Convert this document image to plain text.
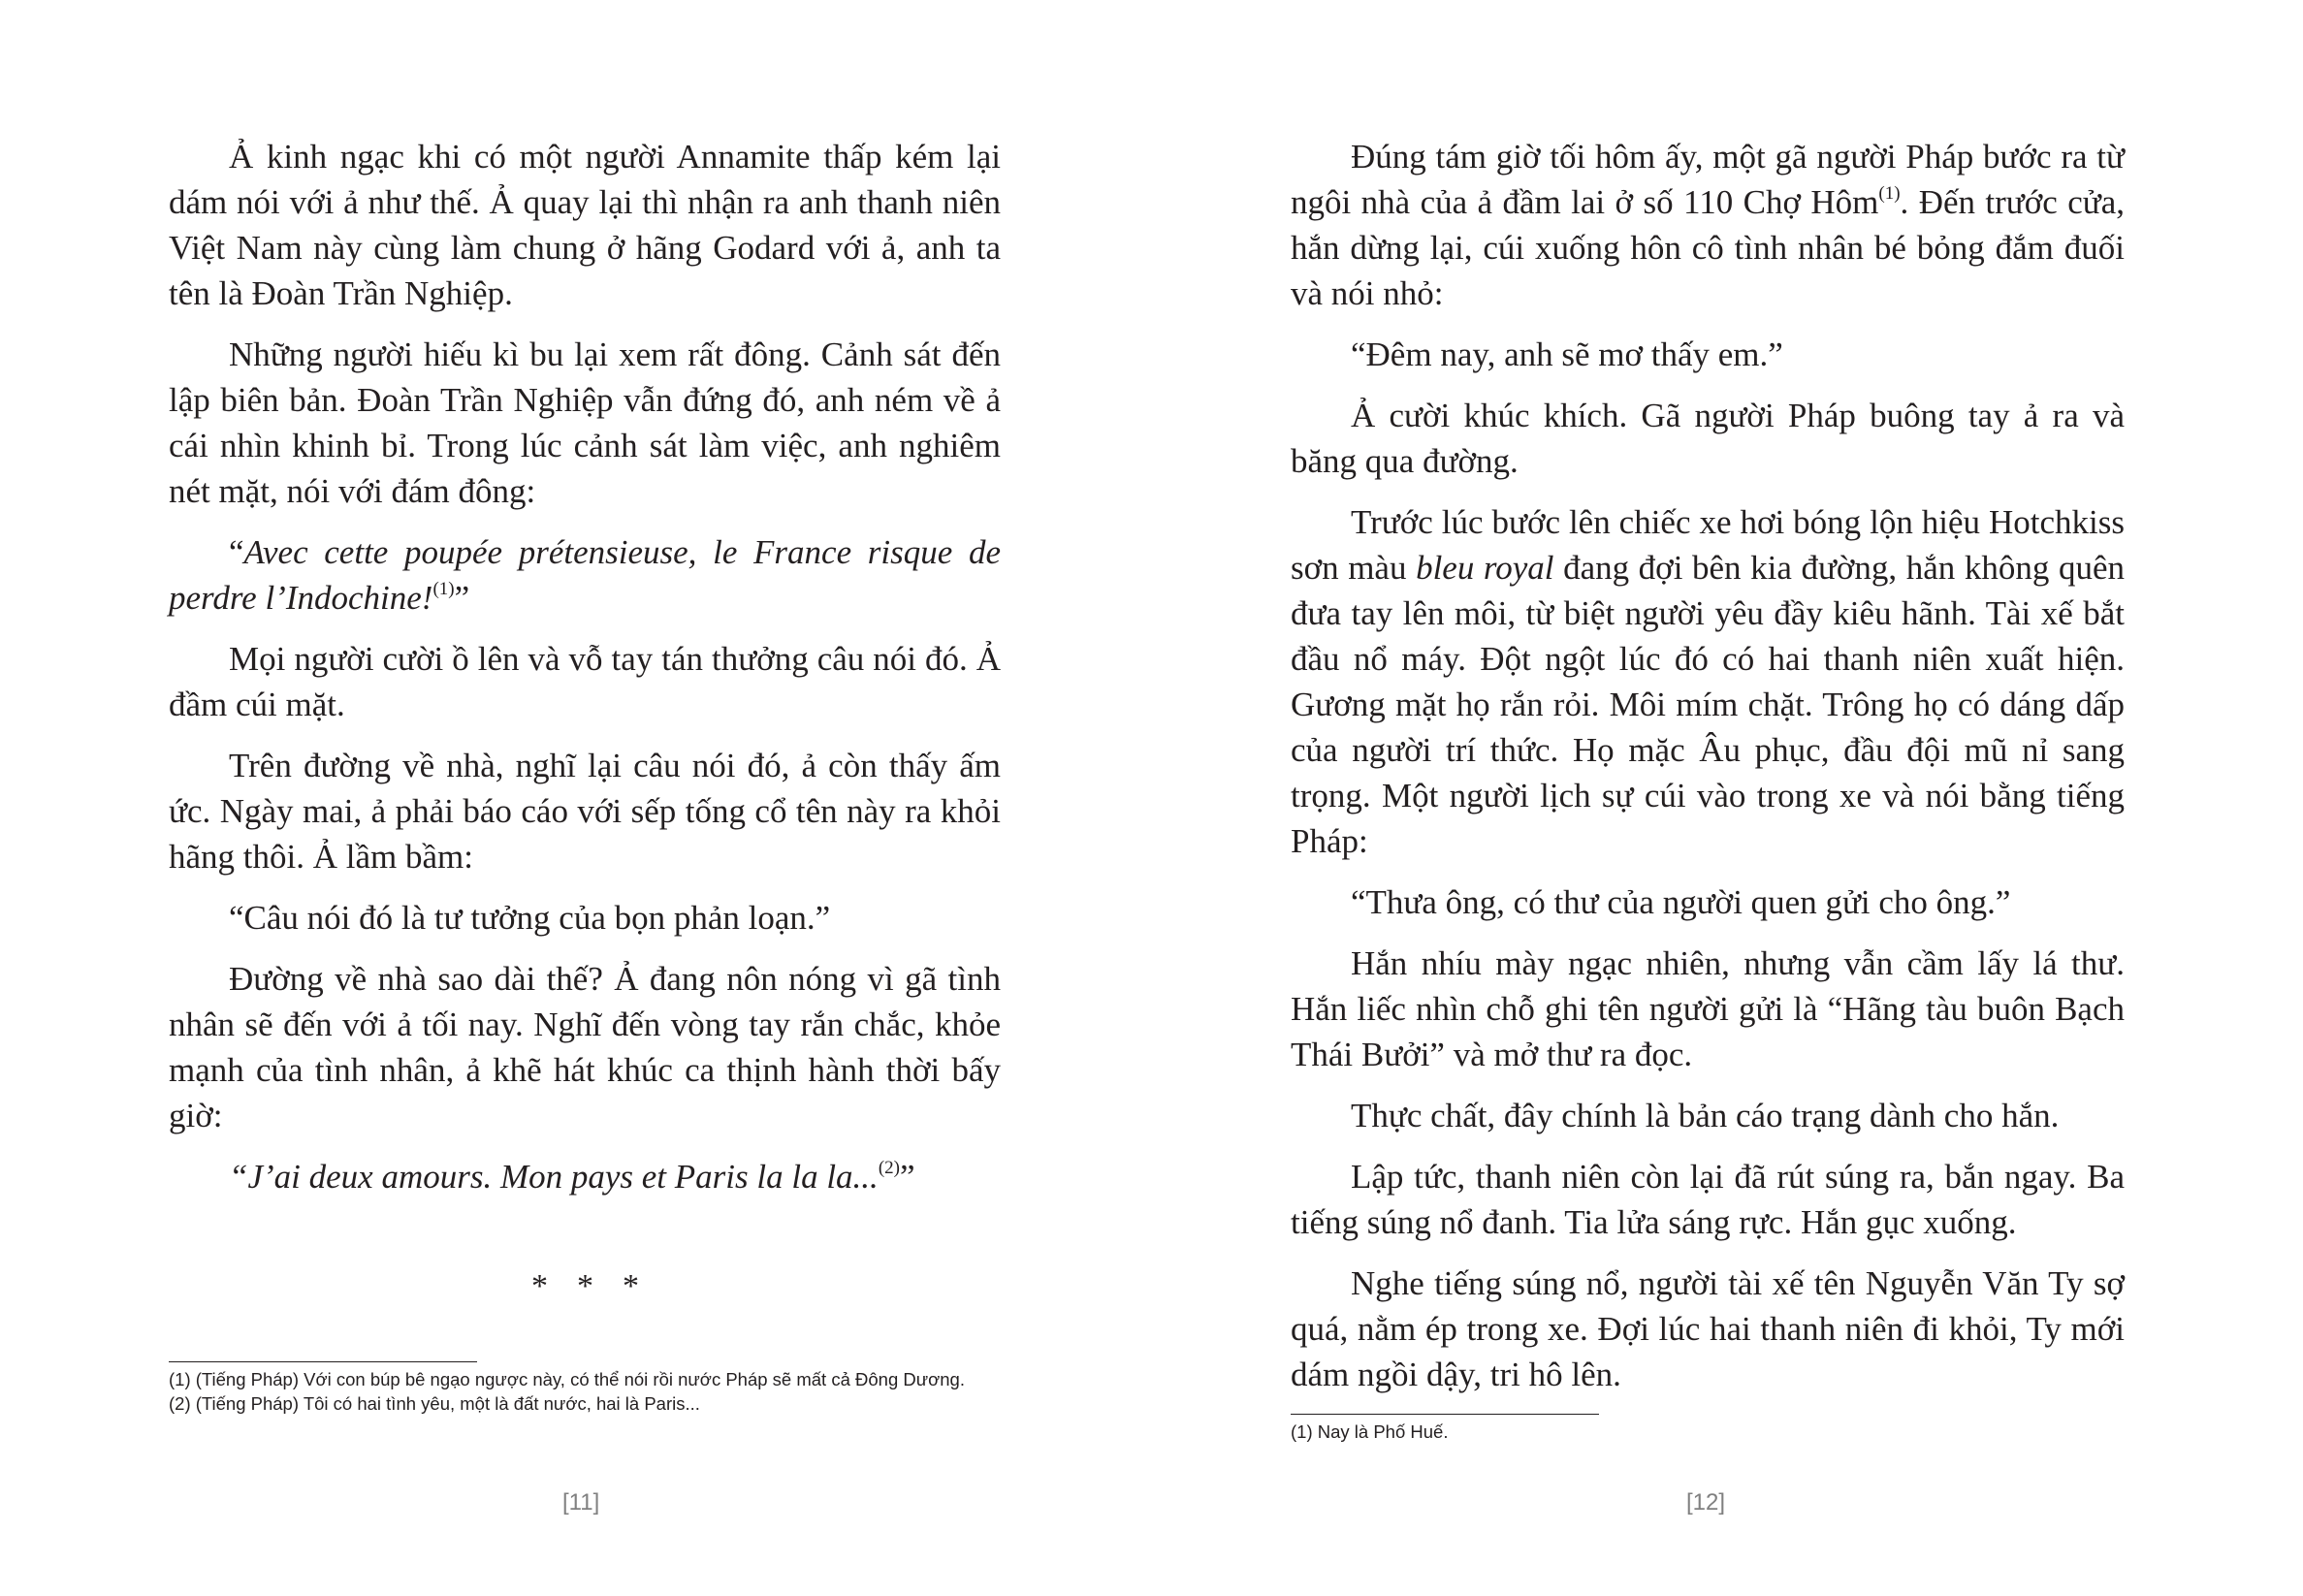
Ả kinh ngạc khi có một người Annamite thấp kém lại dám nói với ả như thế. Ả quay lại thì nhận ra anh thanh niên Việt Nam này cùng làm chung ở hãng Godard với ả, anh ta tên là Đoàn Trần Nghiệp.

Những người hiếu kì bu lại xem rất đông. Cảnh sát đến lập biên bản. Đoàn Trần Nghiệp vẫn đứng đó, anh ném về ả cái nhìn khinh bỉ. Trong lúc cảnh sát làm việc, anh nghiêm nét mặt, nói với đám đông:

“Avec cette poupée prétensieuse, le France risque de perdre l’Indochine!$^{(1)}$”

Mọi người cười ồ lên và vỗ tay tán thưởng câu nói đó. Ả đầm cúi mặt.

Trên đường về nhà, nghĩ lại câu nói đó, ả còn thấy ấm ức. Ngày mai, ả phải báo cáo với sếp tống cổ tên này ra khỏi hãng thôi. Ả lầm bầm:

“Câu nói đó là tư tưởng của bọn phản loạn.”

Đường về nhà sao dài thế? Ả đang nôn nóng vì gã tình nhân sẽ đến với ả tối nay. Nghĩ đến vòng tay rắn chắc, khỏe mạnh của tình nhân, ả khẽ hát khúc ca thịnh hành thời bấy giờ:

“J’ai deux amours. Mon pays et Paris la la la...$^{(2)}$”

* * *

(1) (Tiếng Pháp) Với con búp bê ngạo ngược này, có thể nói rồi nước Pháp sẽ mất cả Đông Dương.

(2) (Tiếng Pháp) Tôi có hai tình yêu, một là đất nước, hai là Paris...

[11]

Đúng tám giờ tối hôm ấy, một gã người Pháp bước ra từ ngôi nhà của ả đầm lai ở số 110 Chợ Hôm$^{(1)}$. Đến trước cửa, hắn dừng lại, cúi xuống hôn cô tình nhân bé bỏng đắm đuối và nói nhỏ:

“Đêm nay, anh sẽ mơ thấy em.”

Ả cười khúc khích. Gã người Pháp buông tay ả ra và băng qua đường.

Trước lúc bước lên chiếc xe hơi bóng lộn hiệu Hotchkiss sơn màu bleu royal đang đợi bên kia đường, hắn không quên đưa tay lên môi, từ biệt người yêu đầy kiêu hãnh. Tài xế bắt đầu nổ máy. Đột ngột lúc đó có hai thanh niên xuất hiện. Gương mặt họ rắn rỏi. Môi mím chặt. Trông họ có dáng dấp của người trí thức. Họ mặc Âu phục, đầu đội mũ nỉ sang trọng. Một người lịch sự cúi vào trong xe và nói bằng tiếng Pháp:

“Thưa ông, có thư của người quen gửi cho ông.”

Hắn nhíu mày ngạc nhiên, nhưng vẫn cầm lấy lá thư. Hắn liếc nhìn chỗ ghi tên người gửi là “Hãng tàu buôn Bạch Thái Bưởi” và mở thư ra đọc.

Thực chất, đây chính là bản cáo trạng dành cho hắn.

Lập tức, thanh niên còn lại đã rút súng ra, bắn ngay. Ba tiếng súng nổ đanh. Tia lửa sáng rực. Hắn gục xuống.

Nghe tiếng súng nổ, người tài xế tên Nguyễn Văn Ty sợ quá, nằm ép trong xe. Đợi lúc hai thanh niên đi khỏi, Ty mới dám ngồi dậy, tri hô lên.

(1) Nay là Phố Huế.

[12]
